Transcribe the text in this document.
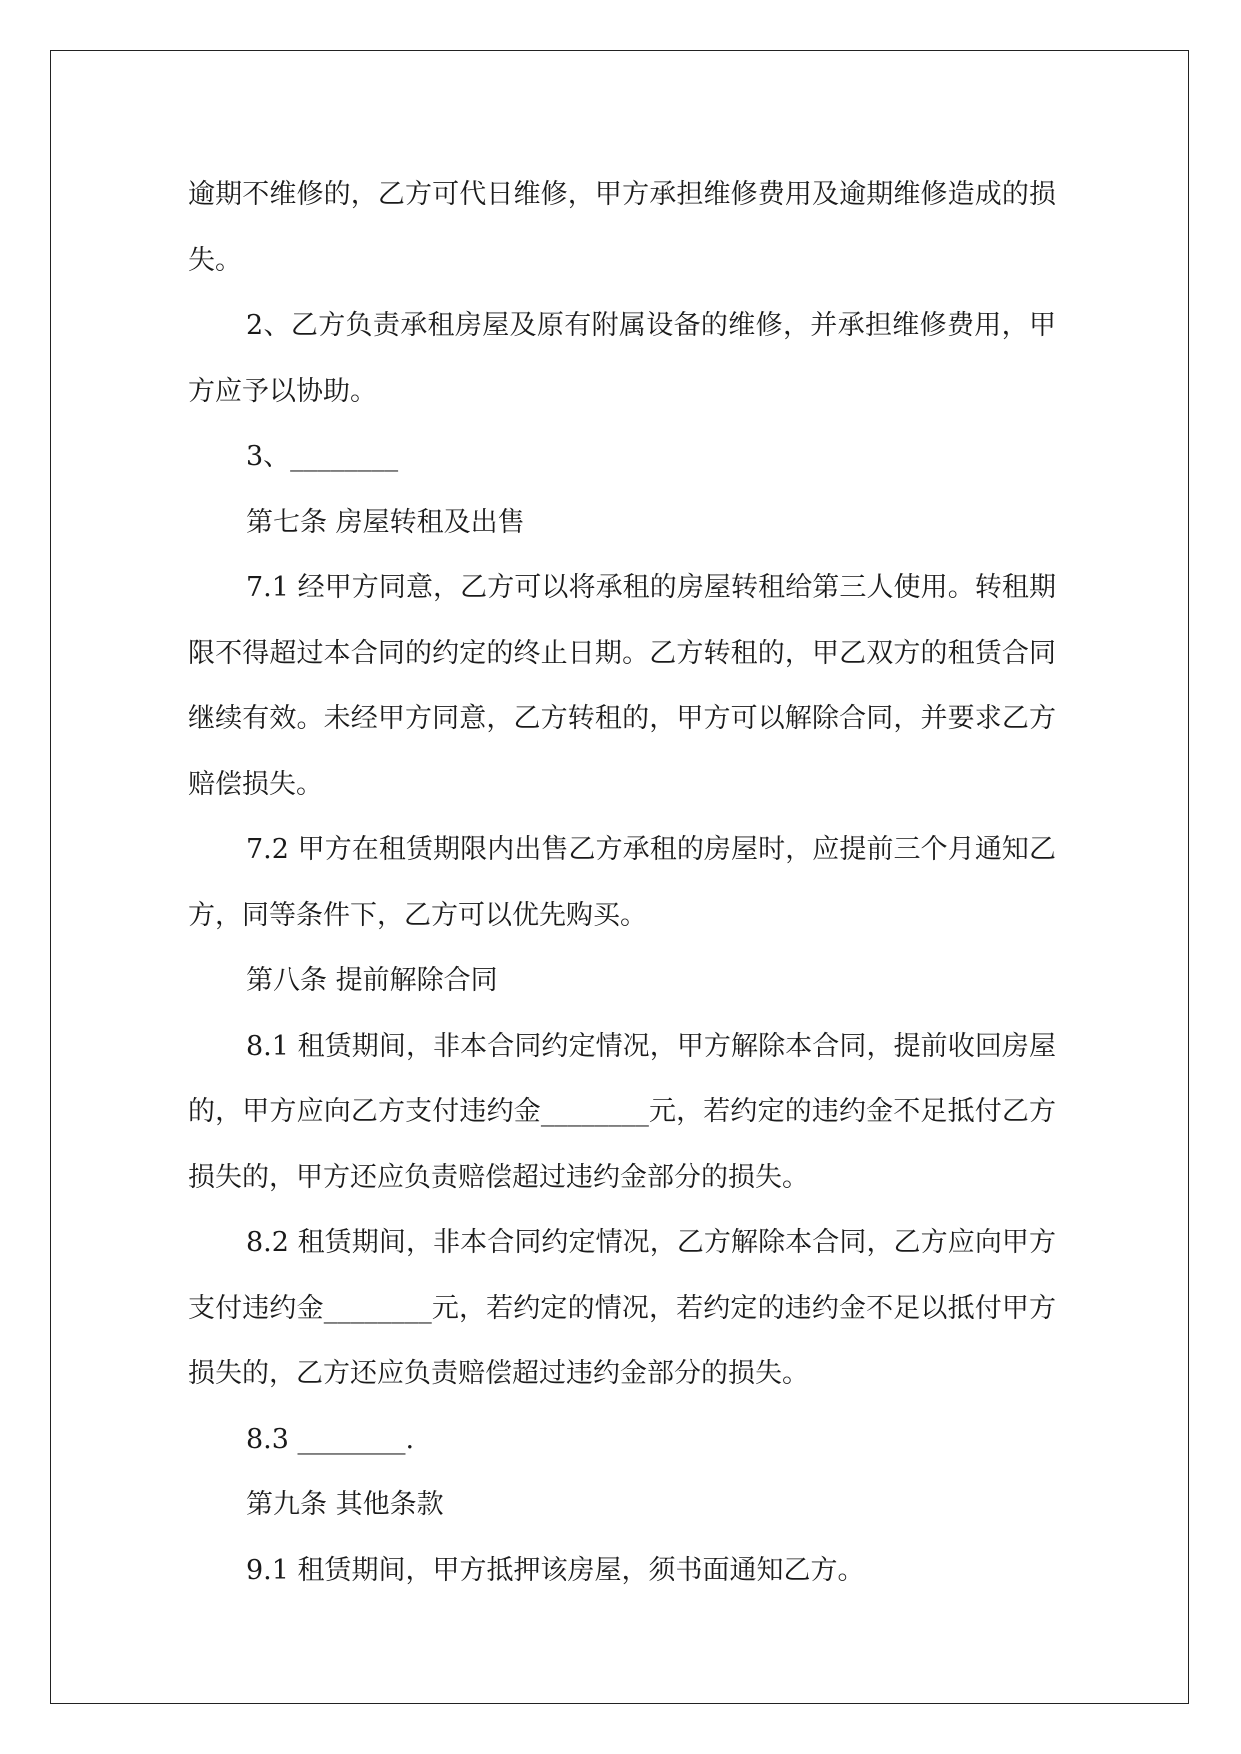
逾期不维修的，乙方可代日维修，甲方承担维修费用及逾期维修造成的损失。

2、乙方负责承租房屋及原有附属设备的维修，并承担维修费用，甲方应予以协助。

3、________

第七条 房屋转租及出售

7.1 经甲方同意，乙方可以将承租的房屋转租给第三人使用。转租期限不得超过本合同的约定的终止日期。乙方转租的，甲乙双方的租赁合同继续有效。未经甲方同意，乙方转租的，甲方可以解除合同，并要求乙方赔偿损失。

7.2 甲方在租赁期限内出售乙方承租的房屋时，应提前三个月通知乙方，同等条件下，乙方可以优先购买。

第八条 提前解除合同

8.1 租赁期间，非本合同约定情况，甲方解除本合同，提前收回房屋的，甲方应向乙方支付违约金________元，若约定的违约金不足抵付乙方损失的，甲方还应负责赔偿超过违约金部分的损失。

8.2 租赁期间，非本合同约定情况，乙方解除本合同，乙方应向甲方支付违约金________元，若约定的情况，若约定的违约金不足以抵付甲方损失的，乙方还应负责赔偿超过违约金部分的损失。

8.3 ________.

第九条 其他条款

9.1 租赁期间，甲方抵押该房屋，须书面通知乙方。
